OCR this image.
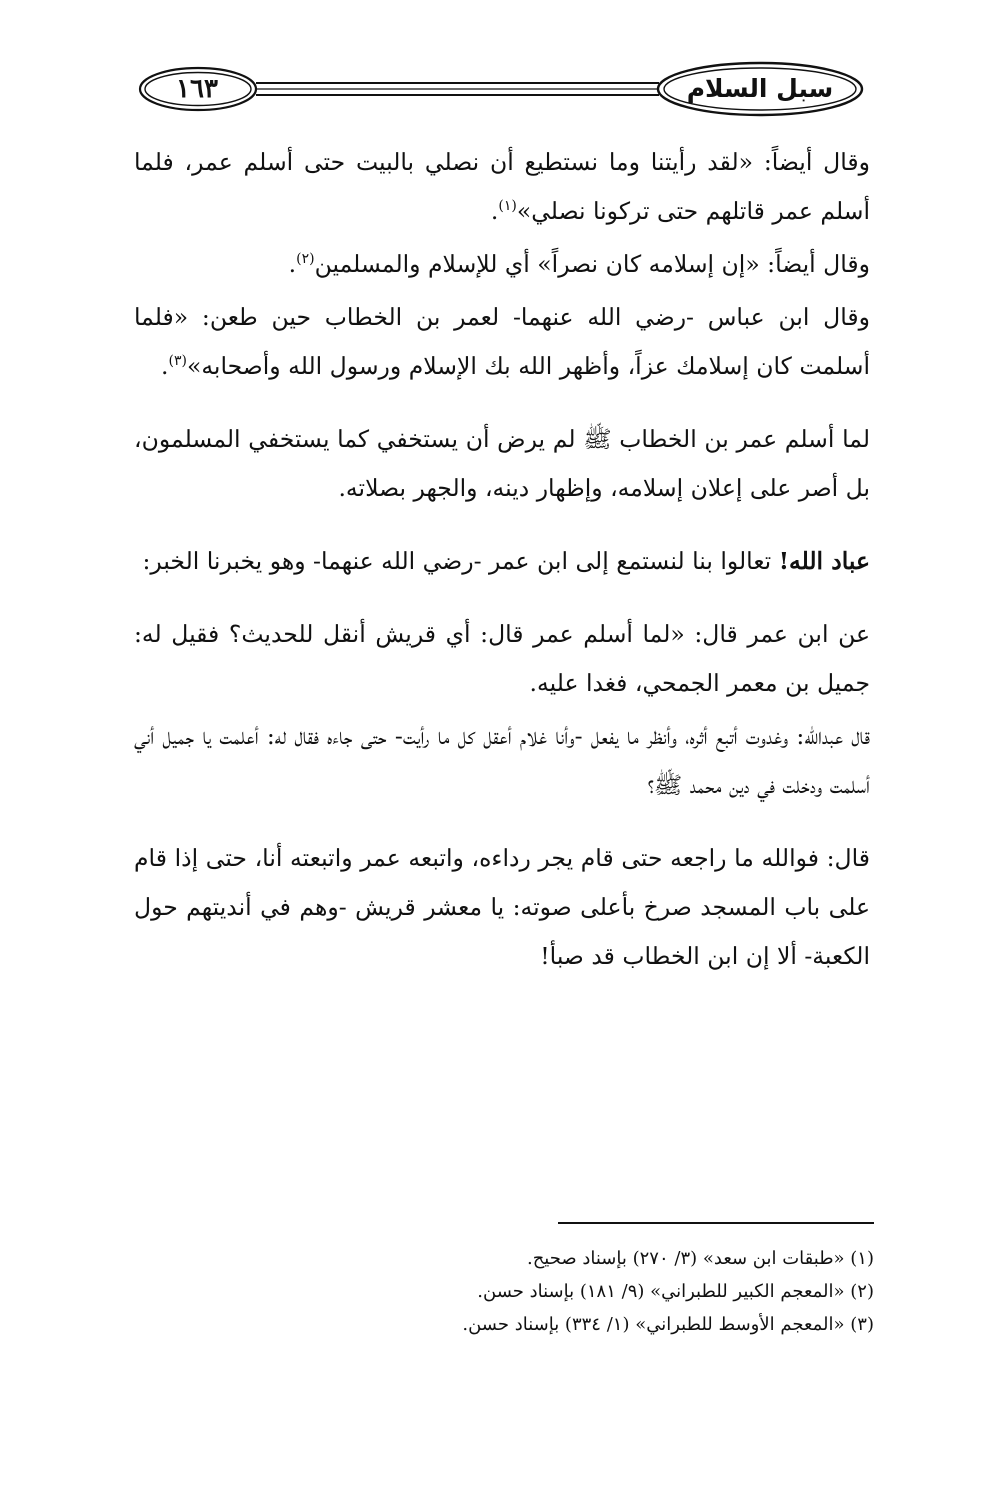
١٦٣	سبل السلام

وقال أيضاً: «لقد رأيتنا وما نستطيع أن نصلي بالبيت حتى أسلم عمر، فلما أسلم عمر قاتلهم حتى تركونا نصلي»$^{(١)}$.

وقال أيضاً: «إن إسلامه كان نصراً» أي للإسلام والمسلمين$^{(٢)}$.

وقال ابن عباس -رضي الله عنهما- لعمر بن الخطاب حين طعن: «فلما أسلمت كان إسلامك عزاً، وأظهر الله بك الإسلام ورسول الله وأصحابه»$^{(٣)}$.

لما أسلم عمر بن الخطاب ﷺ لم يرض أن يستخفي كما يستخفي المسلمون، بل أصر على إعلان إسلامه، وإظهار دينه، والجهر بصلاته.

عباد الله! تعالوا بنا لنستمع إلى ابن عمر -رضي الله عنهما- وهو يخبرنا الخبر:

عن ابن عمر قال: «لما أسلم عمر قال: أي قريش أنقل للحديث؟ فقيل له: جميل بن معمر الجمحي، فغدا عليه.

قال عبدالله: وغدوت أتبع أثره، وأنظر ما يفعل -وأنا غلام أعقل كل ما رأيت- حتى جاءه فقال له: أعلمت يا جميل أني أسلمت ودخلت في دين محمد ﷺ؟

قال: فوالله ما راجعه حتى قام يجر رداءه، واتبعه عمر واتبعته أنا، حتى إذا قام على باب المسجد صرخ بأعلى صوته: يا معشر قريش -وهم في أنديتهم حول الكعبة- ألا إن ابن الخطاب قد صبأ!

(١) «طبقات ابن سعد» (٣/ ٢٧٠) بإسناد صحيح.
(٢) «المعجم الكبير للطبراني» (٩/ ١٨١) بإسناد حسن.
(٣) «المعجم الأوسط للطبراني» (١/ ٣٣٤) بإسناد حسن.
